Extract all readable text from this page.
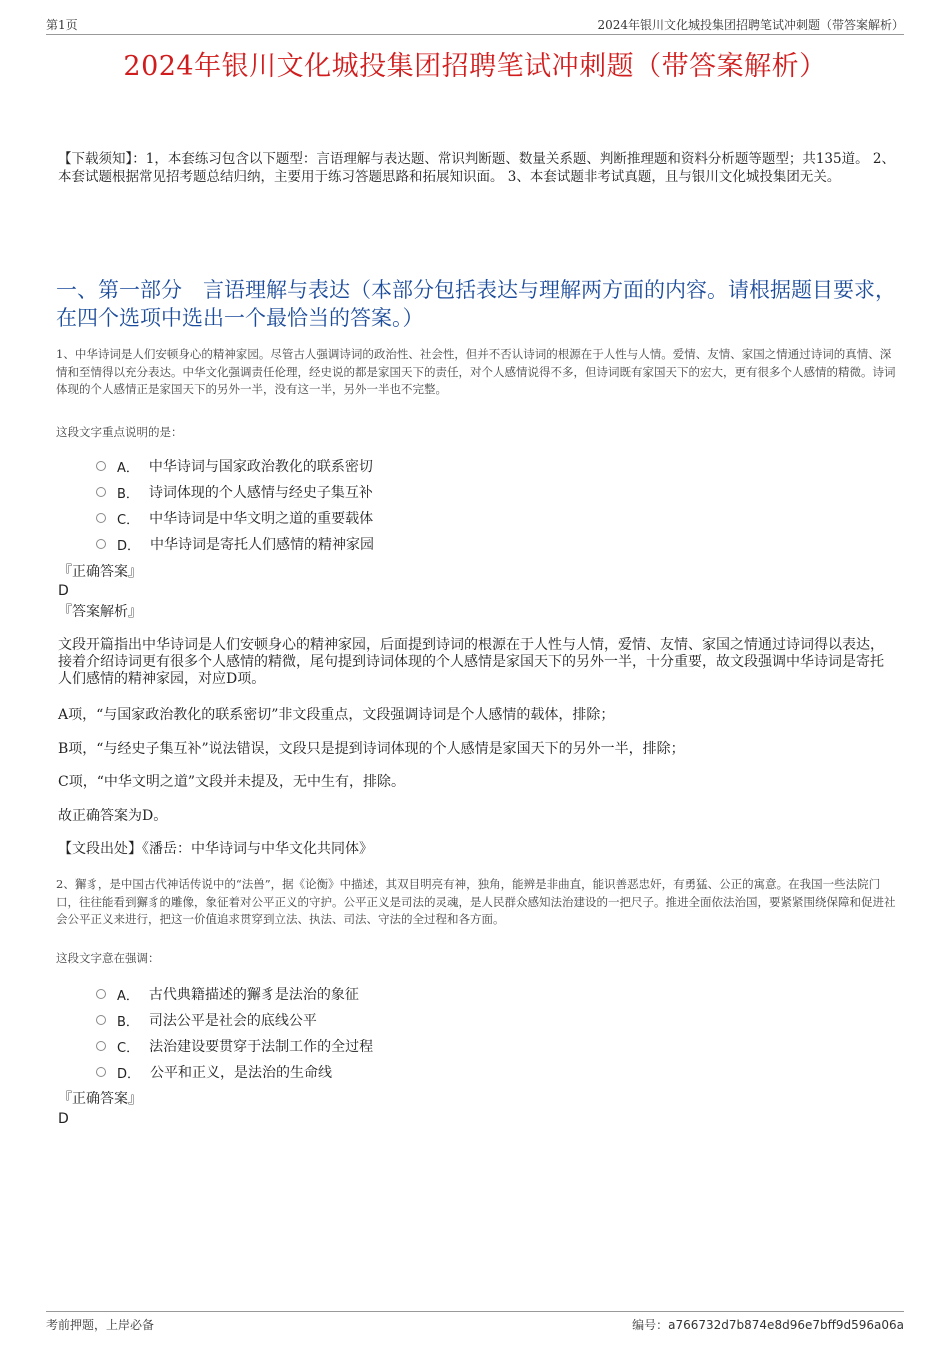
第1页	2024年银川文化城投集团招聘笔试冲刺题（带答案解析）
2024年银川文化城投集团招聘笔试冲刺题（带答案解析）
【下载须知】：1，本套练习包含以下题型：言语理解与表达题、常识判断题、数量关系题、判断推理题和资料分析题等题型；共135道。 2、本套试题根据常见招考题总结归纳，主要用于练习答题思路和拓展知识面。 3、本套试题非考试真题，且与银川文化城投集团无关。
一、第一部分　言语理解与表达（本部分包括表达与理解两方面的内容。请根据题目要求，在四个选项中选出一个最恰当的答案。）
1、中华诗词是人们安顿身心的精神家园。尽管古人强调诗词的政治性、社会性，但并不否认诗词的根源在于人性与人情。爱情、友情、家国之情通过诗词的真情、深情和至情得以充分表达。中华文化强调责任伦理，经史说的都是家国天下的责任，对个人感情说得不多，但诗词既有家国天下的宏大，更有很多个人感情的精微。诗词体现的个人感情正是家国天下的另外一半，没有这一半，另外一半也不完整。
这段文字重点说明的是：
A． 中华诗词与国家政治教化的联系密切
B． 诗词体现的个人感情与经史子集互补
C． 中华诗词是中华文明之道的重要载体
D． 中华诗词是寄托人们感情的精神家园
『正确答案』
D
『答案解析』
文段开篇指出中华诗词是人们安顿身心的精神家园，后面提到诗词的根源在于人性与人情，爱情、友情、家国之情通过诗词得以表达，接着介绍诗词更有很多个人感情的精微，尾句提到诗词体现的个人感情是家国天下的另外一半，十分重要，故文段强调中华诗词是寄托人们感情的精神家园，对应D项。
A项，“与国家政治教化的联系密切”非文段重点，文段强调诗词是个人感情的载体，排除；
B项，“与经史子集互补”说法错误，文段只是提到诗词体现的个人感情是家国天下的另外一半，排除；
C项，“中华文明之道”文段并未提及，无中生有，排除。
故正确答案为D。
【文段出处】《潘岳：中华诗词与中华文化共同体》
2、獬豸，是中国古代神话传说中的“法兽”，据《论衡》中描述，其双目明亮有神，独角，能辨是非曲直，能识善恶忠奸，有勇猛、公正的寓意。在我国一些法院门口，往往能看到獬豸的雕像，象征着对公平正义的守护。公平正义是司法的灵魂，是人民群众感知法治建设的一把尺子。推进全面依法治国，要紧紧围绕保障和促进社会公平正义来进行，把这一价值追求贯穿到立法、执法、司法、守法的全过程和各方面。
这段文字意在强调：
A． 古代典籍描述的獬豸是法治的象征
B． 司法公平是社会的底线公平
C． 法治建设要贯穿于法制工作的全过程
D． 公平和正义，是法治的生命线
『正确答案』
D
考前押题，上岸必备	编号：a766732d7b874e8d96e7bff9d596a06a
